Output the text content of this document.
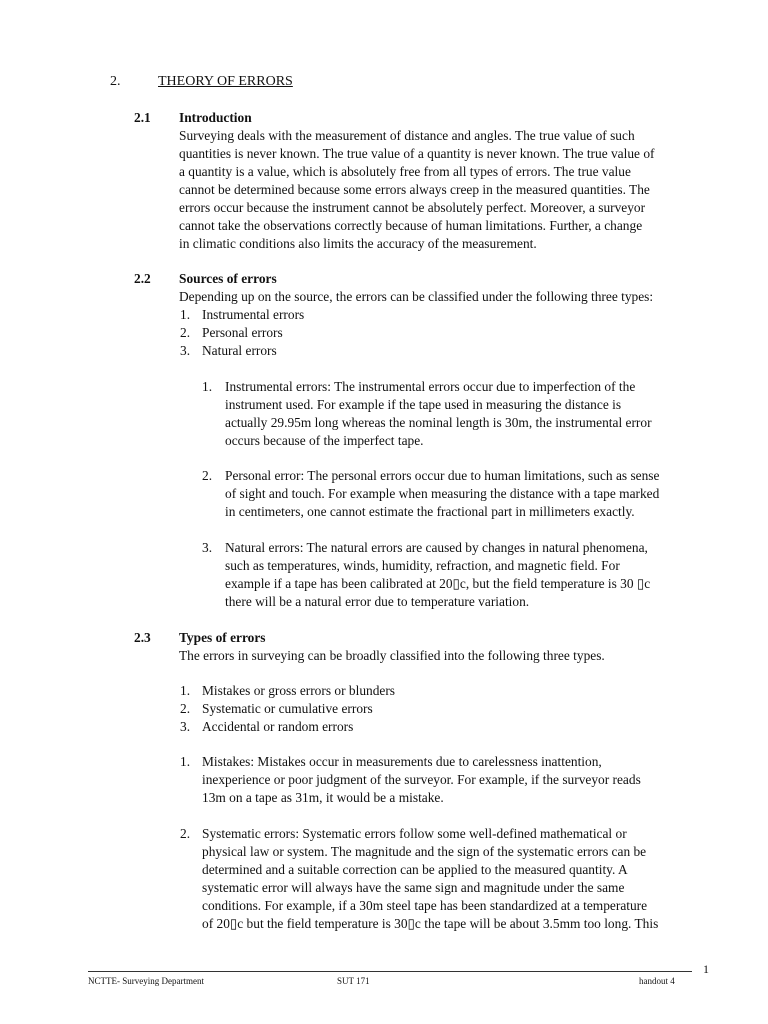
2.	THEORY OF ERRORS
2.1 Introduction
Surveying deals with the measurement of distance and angles. The true value of such
quantities is never known. The true value of a quantity is never known. The true value of
a quantity is a value, which is absolutely free from all types of errors. The true value
cannot be determined because some errors always creep in the measured quantities. The
errors occur because the instrument cannot be absolutely perfect. Moreover, a surveyor
cannot take the observations correctly because of human limitations. Further, a change
in climatic conditions also limits the accuracy of the measurement.
2.2 Sources of errors
Depending up on the source, the errors can be classified under the following three types:
1. Instrumental errors
2. Personal errors
3. Natural errors
1. Instrumental errors: The instrumental errors occur due to imperfection of the
instrument used. For example if the tape used in measuring the distance is
actually 29.95m long whereas the nominal length is 30m, the instrumental error
occurs because of the imperfect tape.
2. Personal error: The personal errors occur due to human limitations, such as sense
of sight and touch. For example when measuring the distance with a tape marked
in centimeters, one cannot estimate the fractional part in millimeters exactly.
3. Natural errors: The natural errors are caused by changes in natural phenomena,
such as temperatures, winds, humidity, refraction, and magnetic field. For
example if a tape has been calibrated at 20▯c, but the field temperature is 30 ▯c
there will be a natural error due to temperature variation.
2.3 Types of errors
The errors in surveying can be broadly classified into the following three types.
1. Mistakes or gross errors or blunders
2. Systematic or cumulative errors
3. Accidental or random errors
1. Mistakes: Mistakes occur in measurements due to carelessness inattention,
inexperience or poor judgment of the surveyor. For example, if the surveyor reads
13m on a tape as 31m, it would be a mistake.
2. Systematic errors: Systematic errors follow some well-defined mathematical or
physical law or system. The magnitude and the sign of the systematic errors can be
determined and a suitable correction can be applied to the measured quantity. A
systematic error will always have the same sign and magnitude under the same
conditions. For example, if a 30m steel tape has been standardized at a temperature
of 20▯c but the field temperature is 30▯c the tape will be about 3.5mm too long. This
1
NCTTE- Surveying Department	SUT 171	handout 4
